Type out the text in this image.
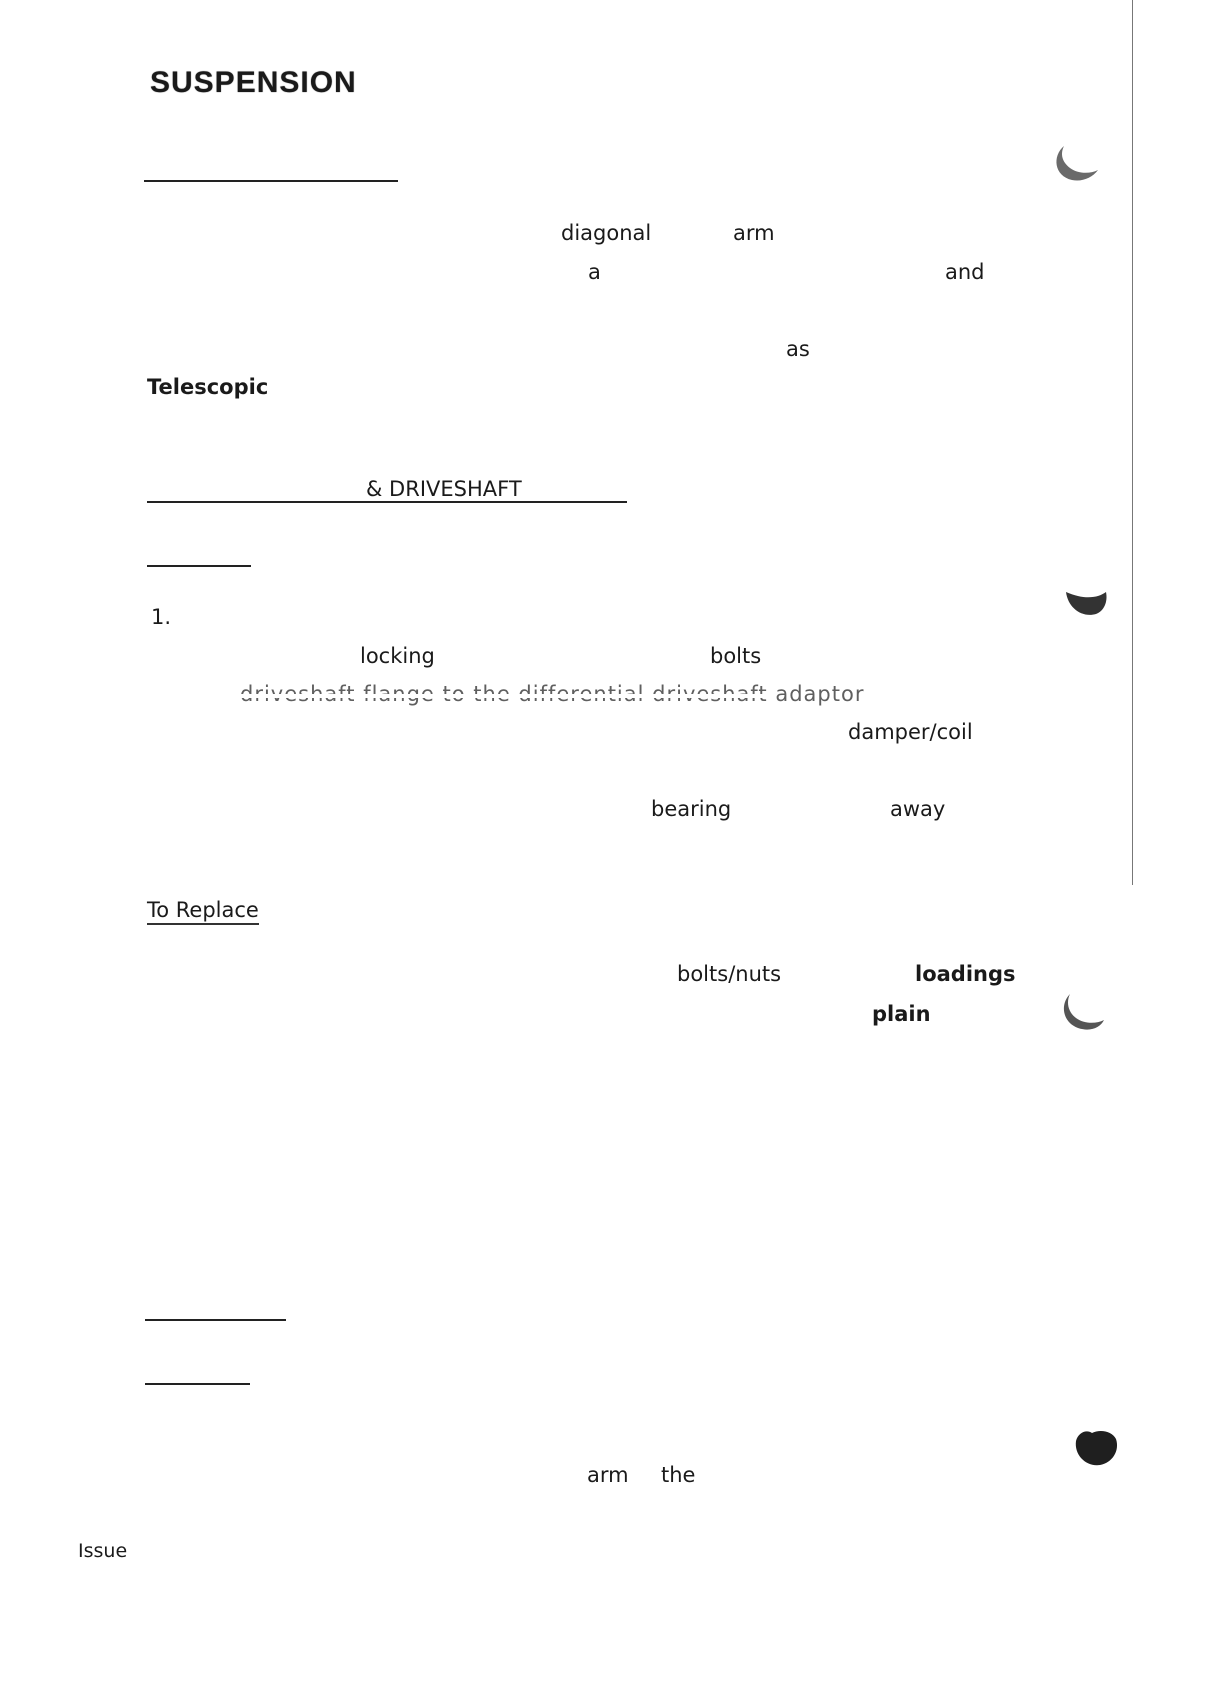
SUSPENSION
diagonal	arm
a	and
as
Telescopic
& DRIVESHAFT
1.
locking	bolts
driveshaft flange to the differential driveshaft adaptor
damper/coil
bearing	away
To Replace
bolts/nuts	loadings
plain
arm the
Issue
